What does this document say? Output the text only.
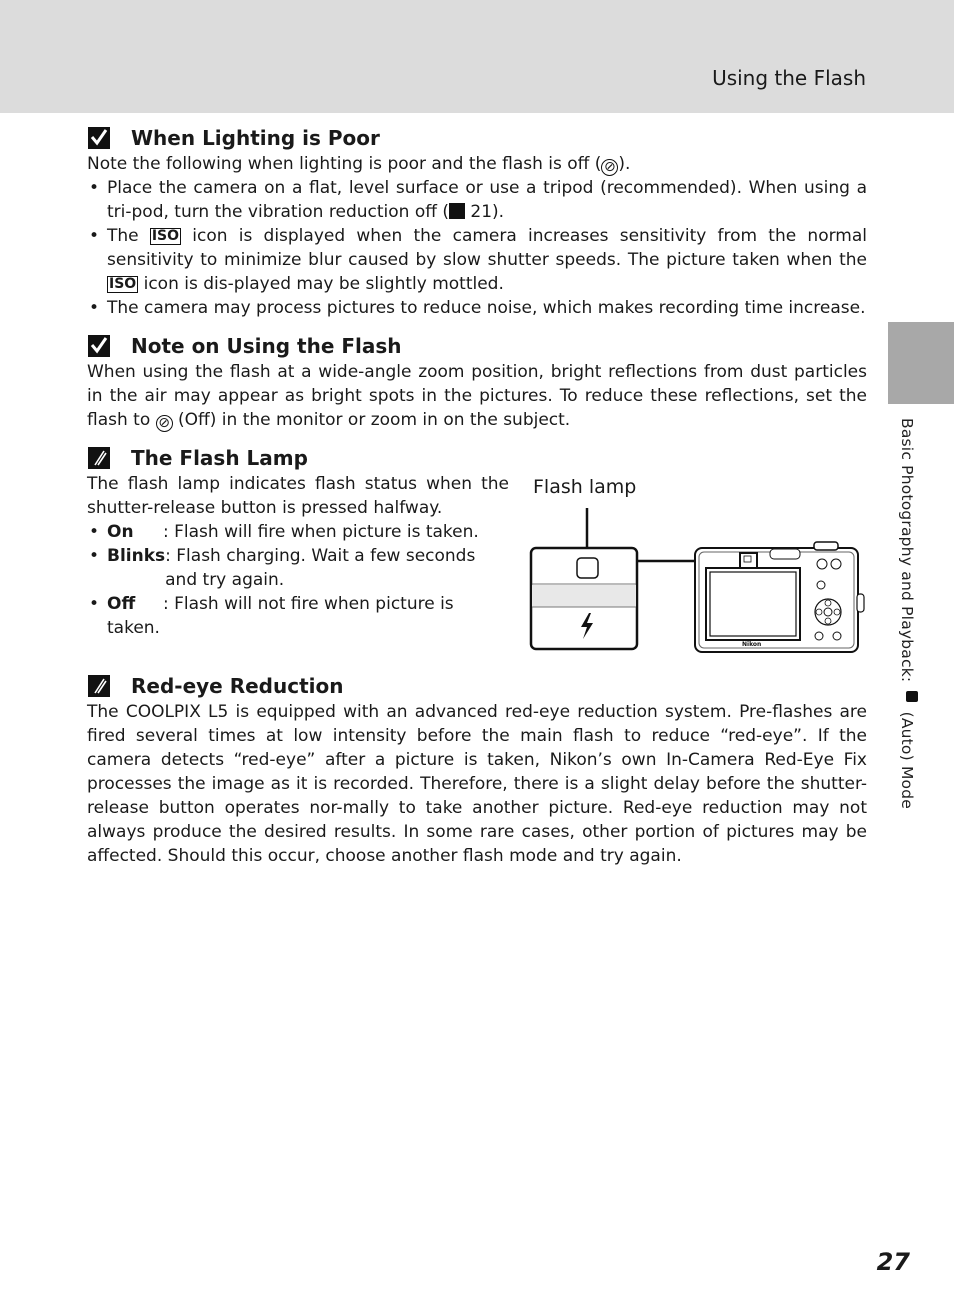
Using the Flash
Basic Photography and Playback:  (Auto) Mode
When Lighting is Poor

Note the following when lighting is poor and the flash is off ( ⊘ ).

• Place the camera on a flat, level surface or use a tripod (recommended). When using a tri-pod, turn the vibration reduction off ( 21).
• The ISO icon is displayed when the camera increases sensitivity from the normal sensitivity to minimize blur caused by slow shutter speeds. The picture taken when the ISO icon is dis-played may be slightly mottled.
• The camera may process pictures to reduce noise, which makes recording time increase.
Note on Using the Flash

When using the flash at a wide-angle zoom position, bright reflections from dust particles in the air may appear as bright spots in the pictures. To reduce these reflections, set the flash to ⊘ (Off) in the monitor or zoom in on the subject.

The Flash Lamp

The flash lamp indicates flash status when the shutter-release button is pressed halfway.

• On : Flash will fire when picture is taken.
• Blinks : Flash charging. Wait a few seconds and try again.
• Off : Flash will not fire when picture is taken.
Flash lamp
Nikon
Red-eye Reduction

The COOLPIX L5 is equipped with an advanced red-eye reduction system. Pre-flashes are fired several times at low intensity before the main flash to reduce “red-eye”. If the camera detects “red-eye” after a picture is taken, Nikon’s own In-Camera Red-Eye Fix processes the image as it is recorded. Therefore, there is a slight delay before the shutter-release button operates nor-mally to take another picture. Red-eye reduction may not always produce the desired results. In some rare cases, other portion of pictures may be affected. Should this occur, choose another flash mode and try again.

27
